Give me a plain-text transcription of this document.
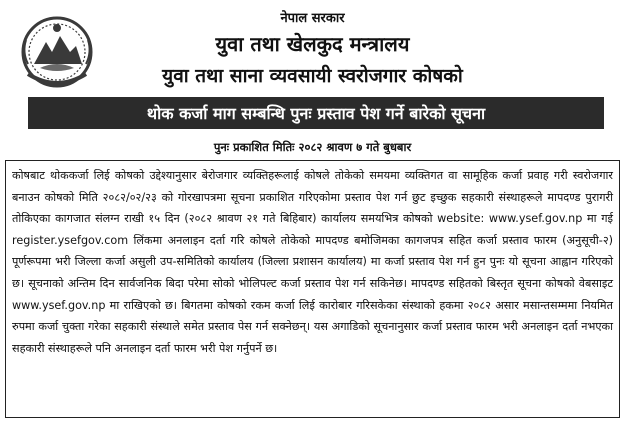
नेपाल सरकार
युवा तथा खेलकुद मन्त्रालय
युवा तथा साना व्यवसायी स्वरोजगार कोषको
थोक कर्जा माग सम्बन्धि पुनः प्रस्ताव पेश गर्ने बारेको सूचना
पुनः प्रकाशित मितिः २०८२ श्रावण ७ गते बुधबार

कोषबाट थोककर्जा लिई कोषको उद्देश्यानुसार बेरोजगार व्यक्तिहरूलाई कोषले तोकेको समयमा व्यक्तिगत वा सामूहिक कर्जा प्रवाह गरी स्वरोजगार बनाउन कोषको मिति २०८२/०२/२३ को गोरखापत्रमा सूचना प्रकाशित गरिएकोमा प्रस्ताव पेश गर्न छुट इच्छुक सहकारी संस्थाहरूले मापदण्ड पुरागरी तोकिएका कागजात संलग्न राखी १५ दिन (२०८२ श्रावण २१ गते बिहिबार) कार्यालय समयभित्र कोषको website: www.ysef.gov.np मा गई register.ysefgov.com लिंकमा अनलाइन दर्ता गरि कोषले तोकेको मापदण्ड बमोजिमका कागजपत्र सहित कर्जा प्रस्ताव फारम (अनुसूची-२) पूर्णरूपमा भरी जिल्ला कर्जा असुली उप-समितिको कार्यालय (जिल्ला प्रशासन कार्यालय) मा कर्जा प्रस्ताव पेश गर्न हुन पुनः यो सूचना आह्वान गरिएको छ। सूचनाको अन्तिम दिन सार्वजनिक बिदा परेमा सोको भोलिपल्ट कर्जा प्रस्ताव पेश गर्न सकिनेछ। मापदण्ड सहितको बिस्तृत सूचना कोषको वेबसाइट www.ysef.gov.np मा राखिएको छ। बिगतमा कोषको रकम कर्जा लिई कारोबार गरिसकेका संस्थाको हकमा २०८२ असार मसान्तसम्ममा नियमित रुपमा कर्जा चुक्ता गरेका सहकारी संस्थाले समेत प्रस्ताव पेस गर्न सक्नेछन्। यस अगाडिको सूचनानुसार कर्जा प्रस्ताव फारम भरी अनलाइन दर्ता नभएका सहकारी संस्थाहरूले पनि अनलाइन दर्ता फारम भरी पेश गर्नुपर्ने छ।
